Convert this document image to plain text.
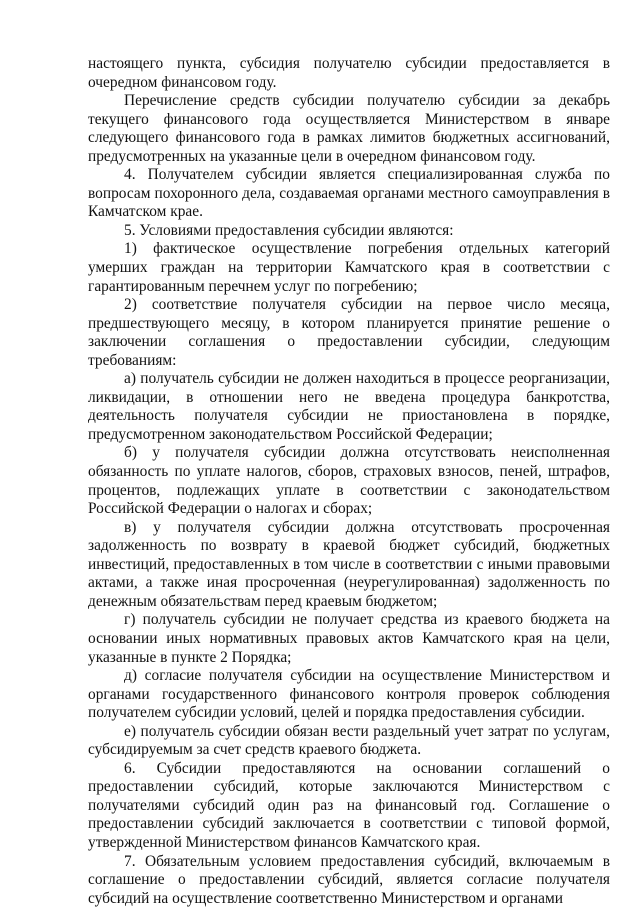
настоящего пункта, субсидия получателю субсидии предоставляется в очередном финансовом году.

Перечисление средств субсидии получателю субсидии за декабрь текущего финансового года осуществляется Министерством в январе следующего финансового года в рамках лимитов бюджетных ассигнований, предусмотренных на указанные цели в очередном финансовом году.

4. Получателем субсидии является специализированная служба по вопросам похоронного дела, создаваемая органами местного самоуправления в Камчатском крае.

5. Условиями предоставления субсидии являются:

1) фактическое осуществление погребения отдельных категорий умерших граждан на территории Камчатского края в соответствии с гарантированным перечнем услуг по погребению;

2) соответствие получателя субсидии на первое число месяца, предшествующего месяцу, в котором планируется принятие решение о заключении соглашения о предоставлении субсидии, следующим требованиям:

а) получатель субсидии не должен находиться в процессе реорганизации, ликвидации, в отношении него не введена процедура банкротства, деятельность получателя субсидии не приостановлена в порядке, предусмотренном законодательством Российской Федерации;

б) у получателя субсидии должна отсутствовать неисполненная обязанность по уплате налогов, сборов, страховых взносов, пеней, штрафов, процентов, подлежащих уплате в соответствии с законодательством Российской Федерации о налогах и сборах;

в) у получателя субсидии должна отсутствовать просроченная задолженность по возврату в краевой бюджет субсидий, бюджетных инвестиций, предоставленных в том числе в соответствии с иными правовыми актами, а также иная просроченная (неурегулированная) задолженность по денежным обязательствам перед краевым бюджетом;

г) получатель субсидии не получает средства из краевого бюджета на основании иных нормативных правовых актов Камчатского края на цели, указанные в пункте 2 Порядка;

д) согласие получателя субсидии на осуществление Министерством и органами государственного финансового контроля проверок соблюдения получателем субсидии условий, целей и порядка предоставления субсидии.

е) получатель субсидии обязан вести раздельный учет затрат по услугам, субсидируемым за счет средств краевого бюджета.

6. Субсидии предоставляются на основании соглашений о предоставлении субсидий, которые заключаются Министерством с получателями субсидий один раз на финансовый год. Соглашение о предоставлении субсидий заключается в соответствии с типовой формой, утвержденной Министерством финансов Камчатского края.

7. Обязательным условием предоставления субсидий, включаемым в соглашение о предоставлении субсидий, является согласие получателя субсидий на осуществление соответственно Министерством и органами
